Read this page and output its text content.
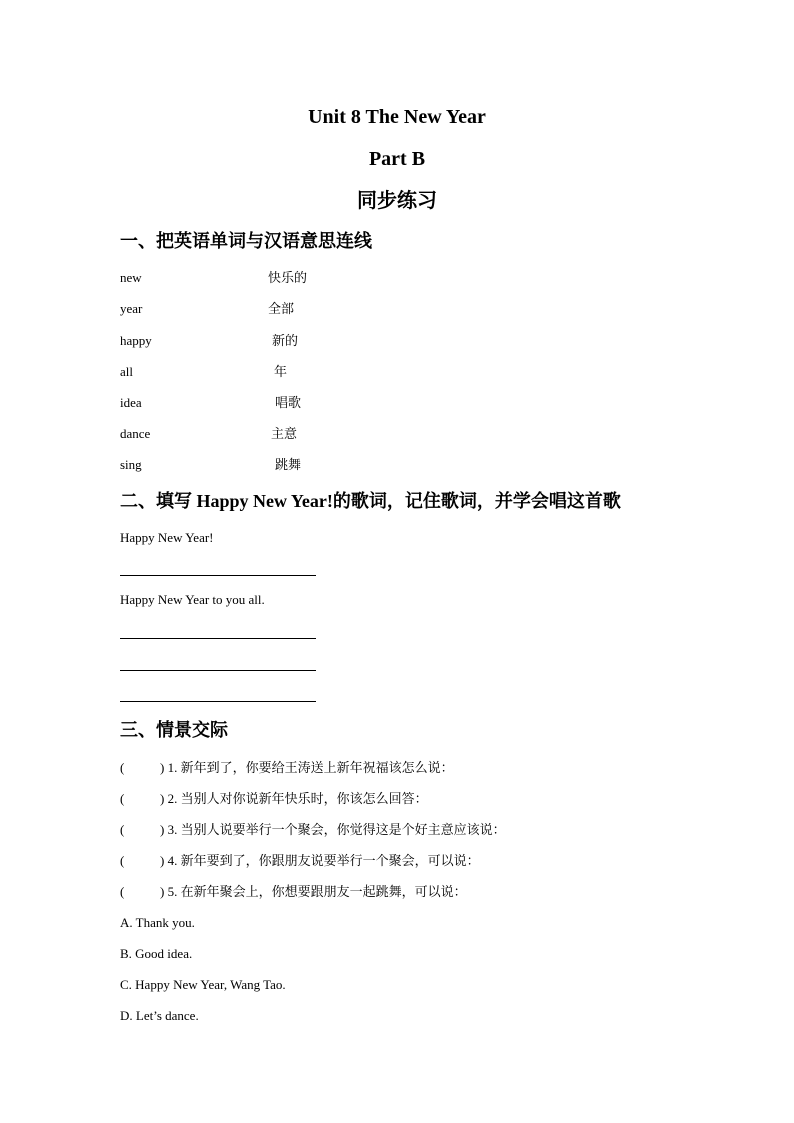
Unit 8 The New Year
Part B
同步练习
一、把英语单词与汉语意思连线
new	快乐的
year	全部
happy	新的
all	年
idea	唱歌
dance	主意
sing	跳舞
二、填写 Happy New Year!的歌词，记住歌词，并学会唱这首歌
Happy New Year!
Happy New Year to you all.
三、情景交际
(	) 1. 新年到了，你要给王涛送上新年祝福该怎么说：
(	) 2. 当别人对你说新年快乐时，你该怎么回答：
(	) 3. 当别人说要举行一个聚会，你觉得这是个好主意应该说：
(	) 4. 新年要到了，你跟朋友说要举行一个聚会，可以说：
(	) 5. 在新年聚会上，你想要跟朋友一起跳舞，可以说：
A. Thank you.
B. Good idea.
C. Happy New Year, Wang Tao.
D. Let’s dance.
